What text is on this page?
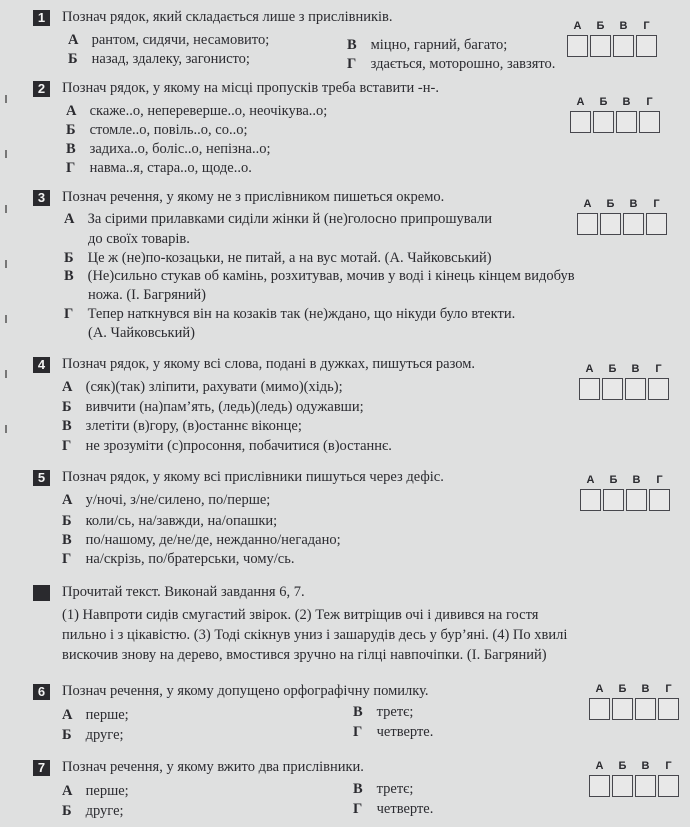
1	Познач рядок, який складається лише з прислівників.
А рантом, сидячи, несамовито;
Б назад, здалеку, загонисто;
В міцно, гарний, багато;
Г здається, моторошно, завзято.
А	Б	В	Г
2	Познач рядок, у якому на місці пропусків треба вставити -н-.
А скаже..о, непереверше..о, неочікува..о;
Б стомле..о, повіль..о, со..о;
В задиха..о, боліс..о, непізна..о;
Г навма..я, стара..о, щоде..о.
А	Б	В	Г
3	Познач речення, у якому не з прислівником пишеться окремо.
А За сірими прилавками сиділи жінки й (не)голосно припрошували
до своїх товарів.
Б Це ж (не)по-козацьки, не питай, а на вус мотай. (А. Чайковський)
В (Не)сильно стукав об камінь, розхитував, мочив у воді і кінець кінцем видобув
ножа. (І. Багряний)
Г Тепер наткнувся він на козаків так (не)ждано, що нікуди було втекти.
(А. Чайковський)
А	Б	В	Г
4	Познач рядок, у якому всі слова, подані в дужках, пишуться разом.
А (сяк)(так) зліпити, рахувати (мимо)(хідь);
Б вивчити (на)пам’ять, (ледь)(ледь) одужавши;
В злетіти (в)гору, (в)останнє віконце;
Г не зрозуміти (с)просоння, побачитися (в)останнє.
А	Б	В	Г
5	Познач рядок, у якому всі прислівники пишуться через дефіс.
А у/ночі, з/не/силено, по/перше;
Б коли/сь, на/завжди, на/опашки;
В по/нашому, де/не/де, нежданно/негадано;
Г на/скрізь, по/братерськи, чому/сь.
А	Б	В	Г
Прочитай текст. Виконай завдання 6, 7.
(1) Навпроти сидів смугастий звірок. (2) Теж витріщив очі і дивився на гостя
пильно і з цікавістю. (3) Тоді скікнув униз і зашарудів десь у бур’яні. (4) По хвилі
вискочив знову на дерево, вмостився зручно на гілці навпочіпки. (І. Багряний)
6	Познач речення, у якому допущено орфографічну помилку.
А перше;
Б друге;
В третє;
Г четверте.
А	Б	В	Г
7	Познач речення, у якому вжито два прислівники.
А перше;
Б друге;
В третє;
Г четверте.
А	Б	В	Г
